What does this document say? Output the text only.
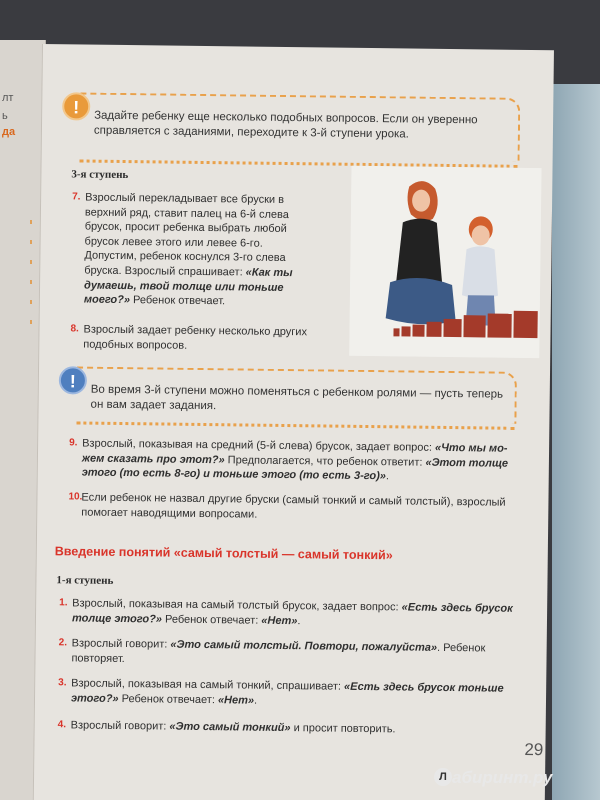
лт
ь
да
!
Задайте ребенку еще несколько подобных вопросов. Если он уверенно справляется с заданиями, переходите к 3-й ступени урока.
3-я ступень
7. Взрослый перекладывает все бруски в верхний ряд, ставит палец на 6-й слева брусок, просит ребенка выбрать любой брусок левее этого или левее 6-го. Допустим, ребенок коснулся 3-го слева бруска. Взрослый спрашивает: «Как ты думаешь, твой толще или тоньше моего?» Ребенок отвечает.
8. Взрослый задает ребенку несколько других подобных вопросов.
!
Во время 3-й ступени можно поменяться с ребенком ролями — пусть теперь он вам задает задания.
9. Взрослый, показывая на средний (5-й слева) брусок, задает вопрос: «Что мы можем сказать про этот?» Предполагается, что ребенок ответит: «Этот толще этого (то есть 8-го) и тоньше этого (то есть 3-го)».
10.
Если ребенок не назвал другие бруски (самый тонкий и самый толстый), взрослый помогает наводящими вопросами.
Введение понятий «самый толстый — самый тонкий»
1-я ступень
1. Взрослый, показывая на самый толстый брусок, задает вопрос: «Есть здесь брусок толще этого?» Ребенок отвечает: «Нет».
2. Взрослый говорит: «Это самый толстый. Повтори, пожалуйста». Ребенок повторяет.
3. Взрослый, показывая на самый тонкий, спрашивает: «Есть здесь брусок тоньше этого?» Ребенок отвечает: «Нет».
4. Взрослый говорит: «Это самый тонкий» и просит повторить.
29
Л абиринт.ру
